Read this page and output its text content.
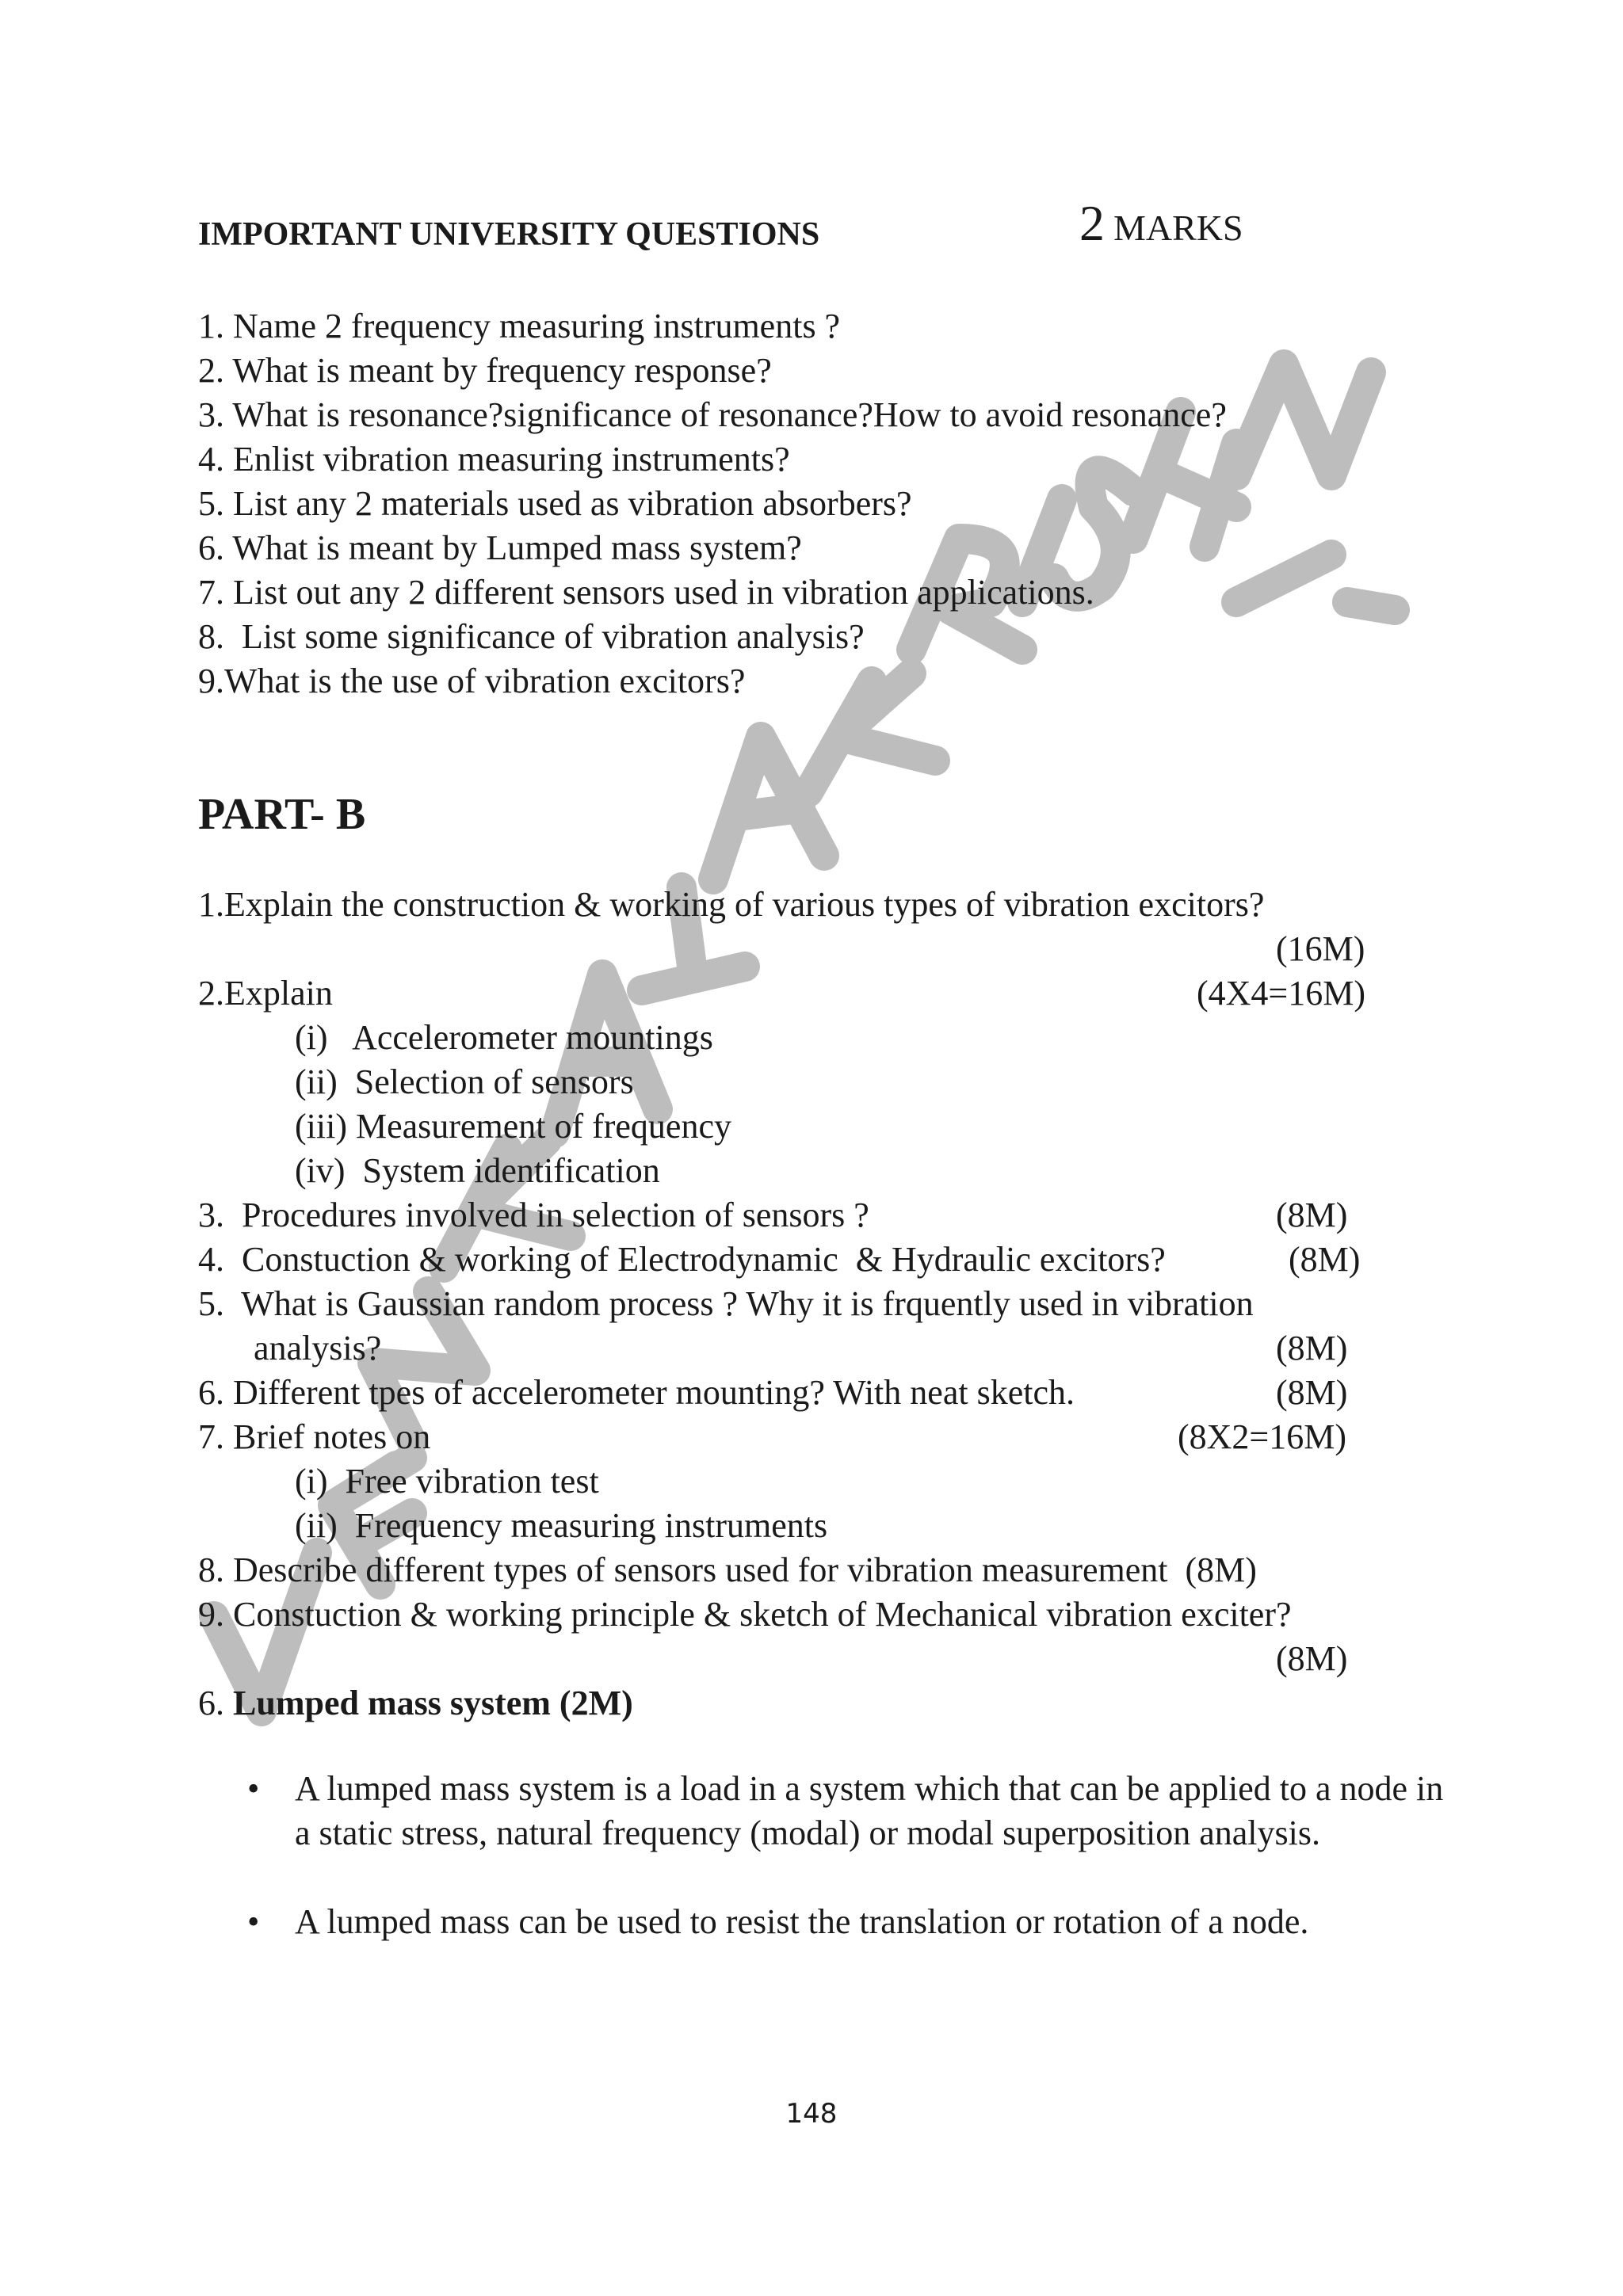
IMPORTANT UNIVERSITY QUESTIONS	2 MARKS
1. Name 2 frequency measuring instruments ?
2. What is meant by frequency response?
3. What is resonance?significance of resonance?How to avoid resonance?
4. Enlist vibration measuring instruments?
5. List any 2 materials used as vibration absorbers?
6. What is meant by Lumped mass system?
7. List out any 2 different sensors used in vibration applications.
8.  List some significance of vibration analysis?
9.What is the use of vibration excitors?
PART- B
1.Explain the construction & working of various types of vibration excitors?
(16M)
2.Explain	(4X4=16M)
(i)   Accelerometer mountings
(ii)  Selection of sensors
(iii) Measurement of frequency
(iv)  System identification
3.  Procedures involved in selection of sensors ?	(8M)
4.  Constuction & working of Electrodynamic  & Hydraulic excitors?	(8M)
5.  What is Gaussian random process ? Why it is frquently used in vibration
analysis?	(8M)
6. Different tpes of accelerometer mounting? With neat sketch.	(8M)
7. Brief notes on	(8X2=16M)
(i)  Free vibration test
(ii)  Frequency measuring instruments
8. Describe different types of sensors used for vibration measurement  (8M)
9. Constuction & working principle & sketch of Mechanical vibration exciter?
(8M)
6. Lumped mass system (2M)
• A lumped mass system is a load in a system which that can be applied to a node in a static stress, natural frequency (modal) or modal superposition analysis.
• A lumped mass can be used to resist the translation or rotation of a node.
148
